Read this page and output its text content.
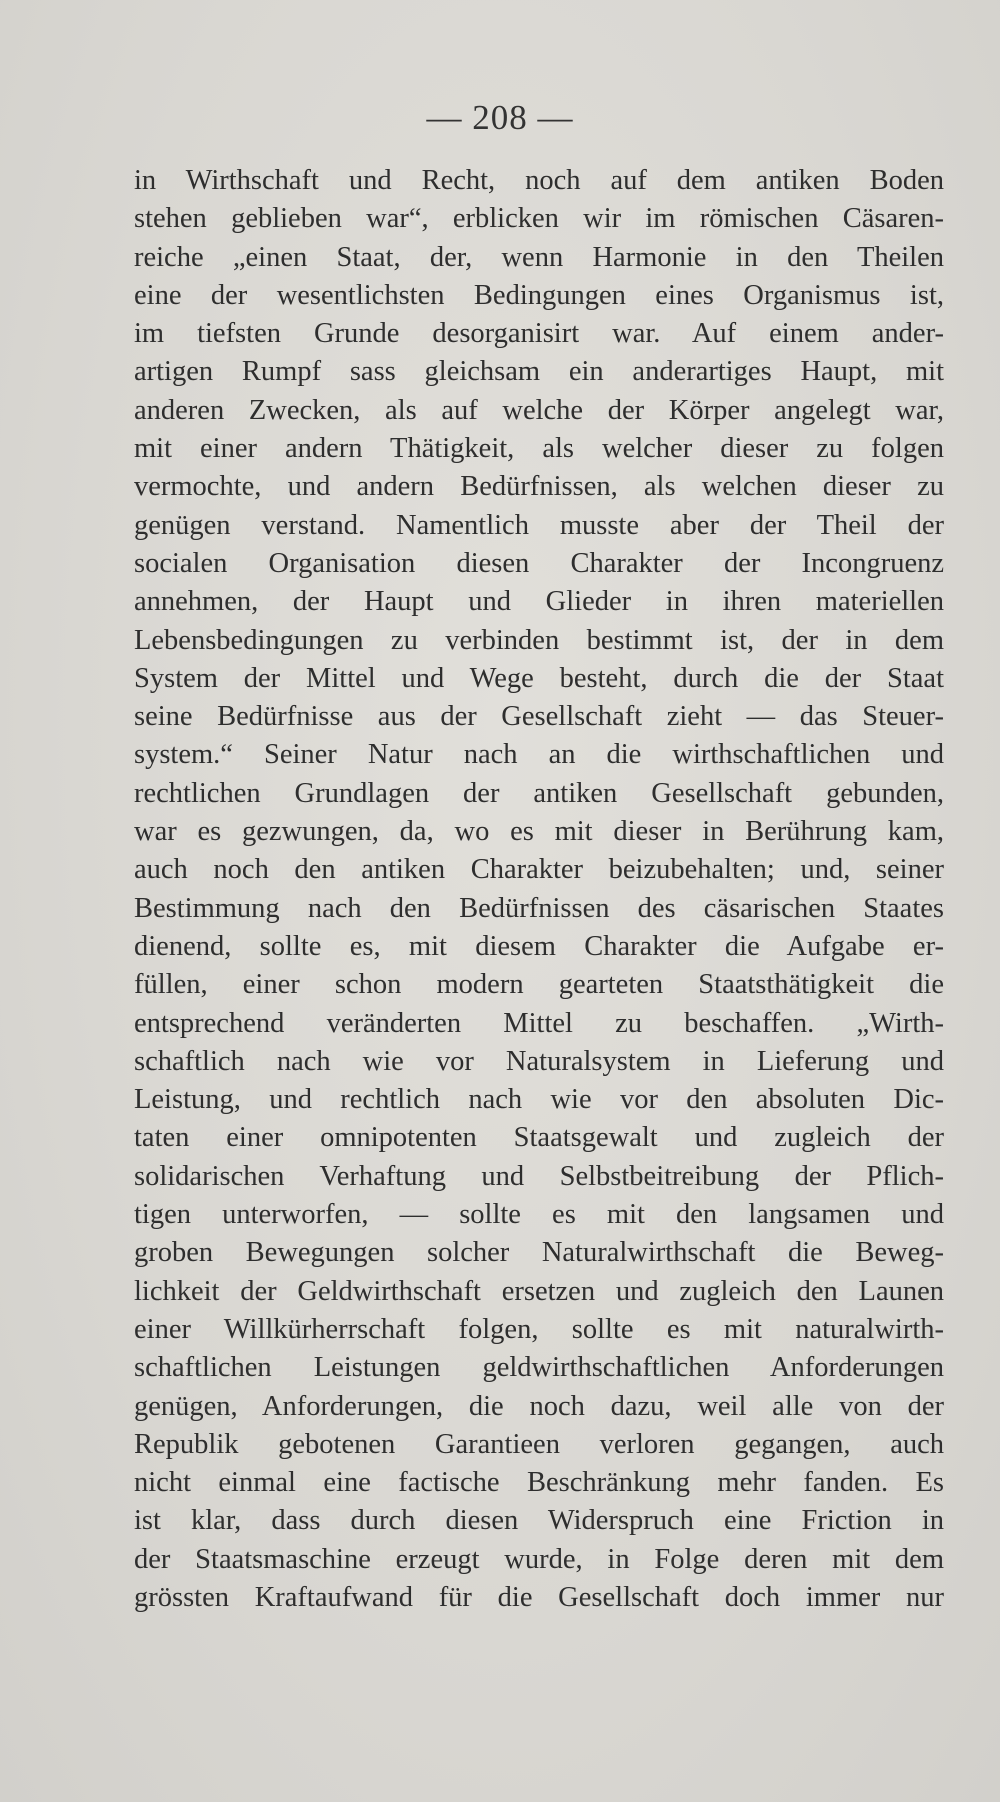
— 208 —
in Wirthschaft und Recht, noch auf dem antiken Boden
stehen geblieben war“, erblicken wir im römischen Cäsaren-
reiche „einen Staat, der, wenn Harmonie in den Theilen
eine der wesentlichsten Bedingungen eines Organismus ist,
im tiefsten Grunde desorganisirt war. Auf einem ander-
artigen Rumpf sass gleichsam ein anderartiges Haupt, mit
anderen Zwecken, als auf welche der Körper angelegt war,
mit einer andern Thätigkeit, als welcher dieser zu folgen
vermochte, und andern Bedürfnissen, als welchen dieser zu
genügen verstand. Namentlich musste aber der Theil der
socialen Organisation diesen Charakter der Incongruenz
annehmen, der Haupt und Glieder in ihren materiellen
Lebensbedingungen zu verbinden bestimmt ist, der in dem
System der Mittel und Wege besteht, durch die der Staat
seine Bedürfnisse aus der Gesellschaft zieht — das Steuer-
system.“ Seiner Natur nach an die wirthschaftlichen und
rechtlichen Grundlagen der antiken Gesellschaft gebunden,
war es gezwungen, da, wo es mit dieser in Berührung kam,
auch noch den antiken Charakter beizubehalten; und, seiner
Bestimmung nach den Bedürfnissen des cäsarischen Staates
dienend, sollte es, mit diesem Charakter die Aufgabe er-
füllen, einer schon modern gearteten Staatsthätigkeit die
entsprechend veränderten Mittel zu beschaffen. „Wirth-
schaftlich nach wie vor Naturalsystem in Lieferung und
Leistung, und rechtlich nach wie vor den absoluten Dic-
taten einer omnipotenten Staatsgewalt und zugleich der
solidarischen Verhaftung und Selbstbeitreibung der Pflich-
tigen unterworfen, — sollte es mit den langsamen und
groben Bewegungen solcher Naturalwirthschaft die Beweg-
lichkeit der Geldwirthschaft ersetzen und zugleich den Launen
einer Willkürherrschaft folgen, sollte es mit naturalwirth-
schaftlichen Leistungen geldwirthschaftlichen Anforderungen
genügen, Anforderungen, die noch dazu, weil alle von der
Republik gebotenen Garantieen verloren gegangen, auch
nicht einmal eine factische Beschränkung mehr fanden. Es
ist klar, dass durch diesen Widerspruch eine Friction in
der Staatsmaschine erzeugt wurde, in Folge deren mit dem
grössten Kraftaufwand für die Gesellschaft doch immer nur
